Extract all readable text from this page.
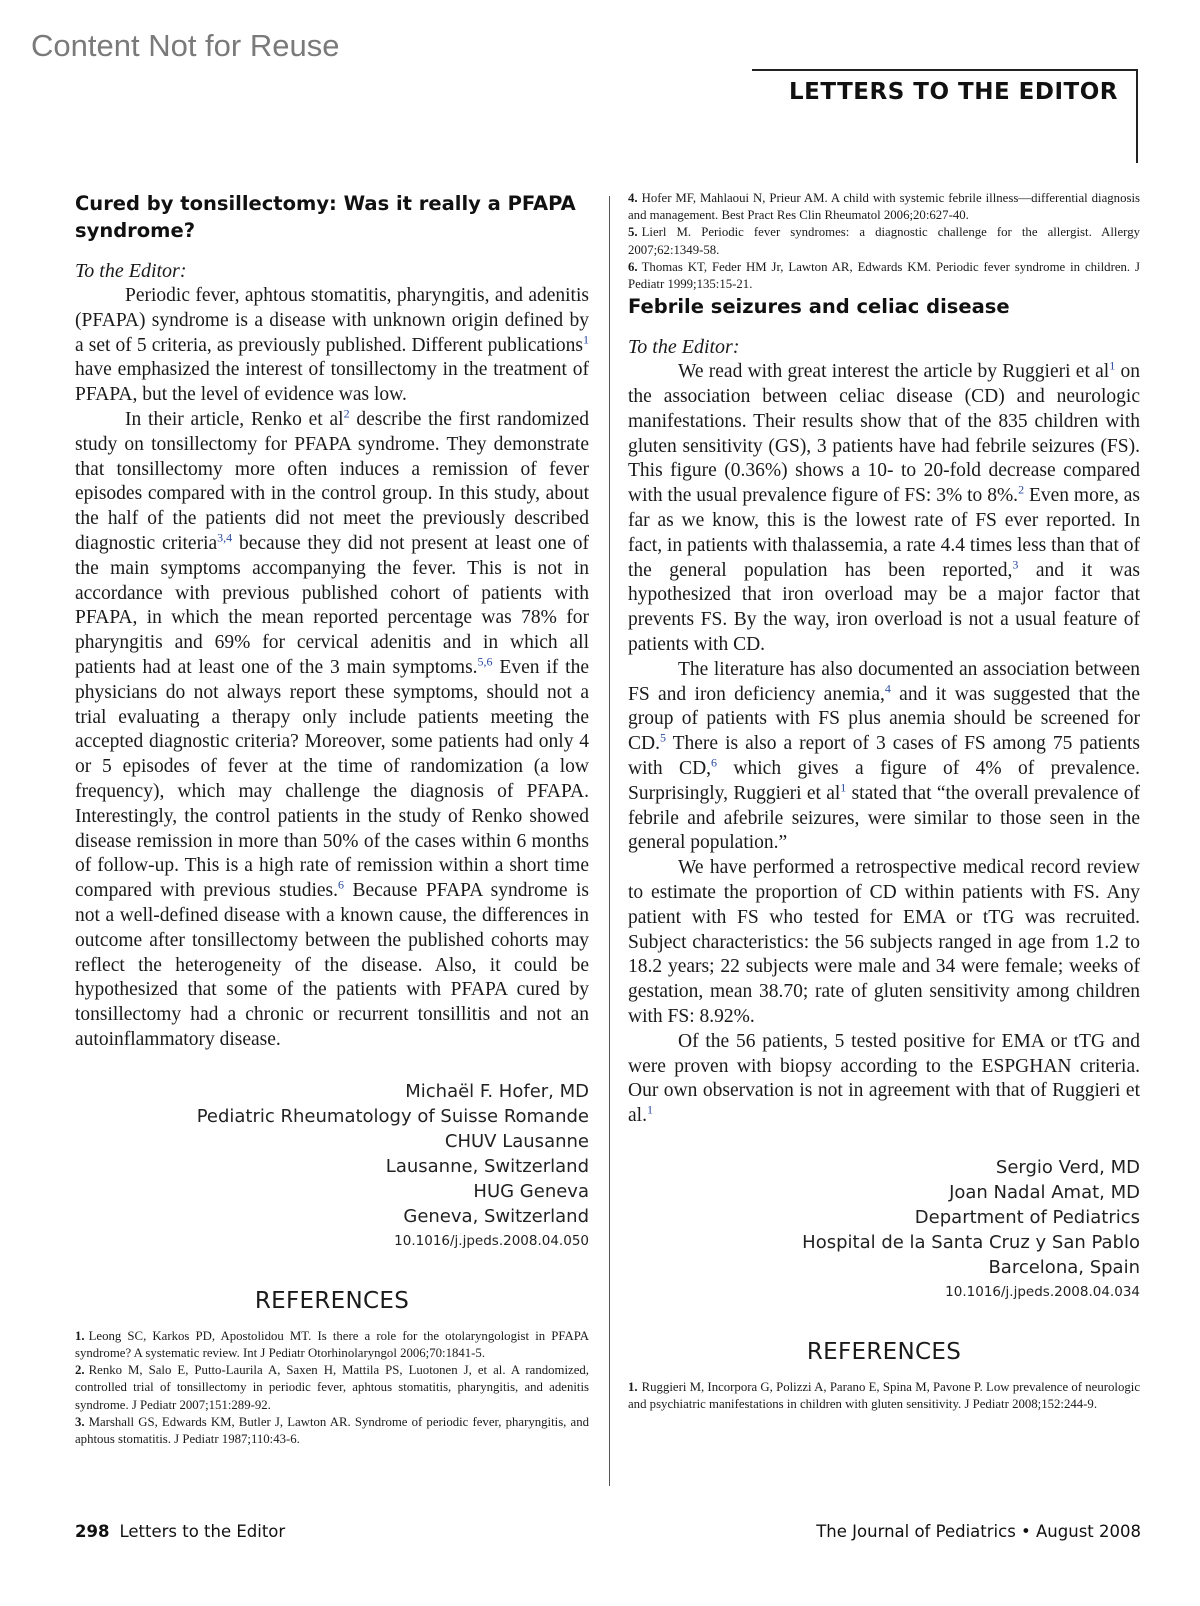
Content Not for Reuse
LETTERS TO THE EDITOR
Cured by tonsillectomy: Was it really a PFAPA syndrome?

To the Editor:

Periodic fever, aphtous stomatitis, pharyngitis, and adenitis (PFAPA) syndrome is a disease with unknown origin defined by a set of 5 criteria, as previously published. Different publications$^1$ have emphasized the interest of tonsillectomy in the treatment of PFAPA, but the level of evidence was low.

In their article, Renko et al$^2$ describe the first randomized study on tonsillectomy for PFAPA syndrome. They demonstrate that tonsillectomy more often induces a remission of fever episodes compared with in the control group. In this study, about the half of the patients did not meet the previously described diagnostic criteria$^{3,4}$ because they did not present at least one of the main symptoms accompanying the fever. This is not in accordance with previous published cohort of patients with PFAPA, in which the mean reported percentage was 78% for pharyngitis and 69% for cervical adenitis and in which all patients had at least one of the 3 main symptoms.$^{5,6}$ Even if the physicians do not always report these symptoms, should not a trial evaluating a therapy only include patients meeting the accepted diagnostic criteria? Moreover, some patients had only 4 or 5 episodes of fever at the time of randomization (a low frequency), which may challenge the diagnosis of PFAPA. Interestingly, the control patients in the study of Renko showed disease remission in more than 50% of the cases within 6 months of follow-up. This is a high rate of remission within a short time compared with previous studies.$^6$ Because PFAPA syndrome is not a well-defined disease with a known cause, the differences in outcome after tonsillectomy between the published cohorts may reflect the heterogeneity of the disease. Also, it could be hypothesized that some of the patients with PFAPA cured by tonsillectomy had a chronic or recurrent tonsillitis and not an autoinflammatory disease.

Michaël F. Hofer, MD
Pediatric Rheumatology of Suisse Romande
CHUV Lausanne
Lausanne, Switzerland
HUG Geneva
Geneva, Switzerland
10.1016/j.jpeds.2008.04.050
REFERENCES
1. Leong SC, Karkos PD, Apostolidou MT. Is there a role for the otolaryngologist in PFAPA syndrome? A systematic review. Int J Pediatr Otorhinolaryngol 2006;70:1841-5.
2. Renko M, Salo E, Putto-Laurila A, Saxen H, Mattila PS, Luotonen J, et al. A randomized, controlled trial of tonsillectomy in periodic fever, aphtous stomatitis, pharyngitis, and adenitis syndrome. J Pediatr 2007;151:289-92.
3. Marshall GS, Edwards KM, Butler J, Lawton AR. Syndrome of periodic fever, pharyngitis, and aphtous stomatitis. J Pediatr 1987;110:43-6.
4. Hofer MF, Mahlaoui N, Prieur AM. A child with systemic febrile illness—differential diagnosis and management. Best Pract Res Clin Rheumatol 2006;20:627-40.
5. Lierl M. Periodic fever syndromes: a diagnostic challenge for the allergist. Allergy 2007;62:1349-58.
6. Thomas KT, Feder HM Jr, Lawton AR, Edwards KM. Periodic fever syndrome in children. J Pediatr 1999;135:15-21.
Febrile seizures and celiac disease

To the Editor:

We read with great interest the article by Ruggieri et al$^1$ on the association between celiac disease (CD) and neurologic manifestations. Their results show that of the 835 children with gluten sensitivity (GS), 3 patients have had febrile seizures (FS). This figure (0.36%) shows a 10- to 20-fold decrease compared with the usual prevalence figure of FS: 3% to 8%.$^2$ Even more, as far as we know, this is the lowest rate of FS ever reported. In fact, in patients with thalassemia, a rate 4.4 times less than that of the general population has been reported,$^3$ and it was hypothesized that iron overload may be a major factor that prevents FS. By the way, iron overload is not a usual feature of patients with CD.

The literature has also documented an association between FS and iron deficiency anemia,$^4$ and it was suggested that the group of patients with FS plus anemia should be screened for CD.$^5$ There is also a report of 3 cases of FS among 75 patients with CD,$^6$ which gives a figure of 4% of prevalence. Surprisingly, Ruggieri et al$^1$ stated that “the overall prevalence of febrile and afebrile seizures, were similar to those seen in the general population.”

We have performed a retrospective medical record review to estimate the proportion of CD within patients with FS. Any patient with FS who tested for EMA or tTG was recruited. Subject characteristics: the 56 subjects ranged in age from 1.2 to 18.2 years; 22 subjects were male and 34 were female; weeks of gestation, mean 38.70; rate of gluten sensitivity among children with FS: 8.92%.

Of the 56 patients, 5 tested positive for EMA or tTG and were proven with biopsy according to the ESPGHAN criteria. Our own observation is not in agreement with that of Ruggieri et al.$^1$

Sergio Verd, MD
Joan Nadal Amat, MD
Department of Pediatrics
Hospital de la Santa Cruz y San Pablo
Barcelona, Spain
10.1016/j.jpeds.2008.04.034
REFERENCES
1. Ruggieri M, Incorpora G, Polizzi A, Parano E, Spina M, Pavone P. Low prevalence of neurologic and psychiatric manifestations in children with gluten sensitivity. J Pediatr 2008;152:244-9.
298 Letters to the Editor	The Journal of Pediatrics • August 2008
